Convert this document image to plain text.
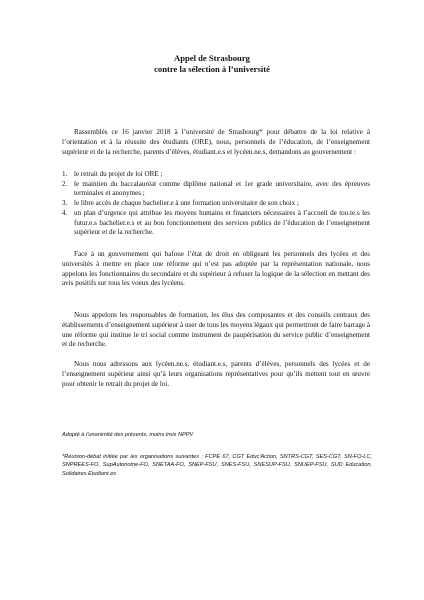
Appel de Strasbourg
contre la sélection à l’université

Rassemblés ce 16 janvier 2018 à l’université de Strasbourg* pour débattre de la loi relative à l’orientation et à la réussite des étudiants (ORE), nous, personnels de l’éducation, de l’enseignement supérieur et de la recherche, parents d’élèves, étudiant.e.s et lycéen.ne.s, demandons au gouvernement :

1. le retrait du projet de loi ORE ;
2. le maintien du baccalauréat comme diplôme national et 1er grade universitaire, avec des épreuves terminales et anonymes ;
3. le libre accès de chaque bachelier.e à une formation universitaire de son choix ;
4. un plan d’urgence qui attribue les moyens humains et financiers nécessaires à l’accueil de tou.te.s les futur.e.s bachelier.e.s et au bon fonctionnement des services publics de l’éducation de l’enseignement supérieur et de la recherche.

Face à un gouvernement qui bafoue l’état de droit en obligeant les personnels des lycées et des universités à mettre en place une réforme qui n’est pas adoptée par la représentation nationale, nous appelons les fonctionnaires du secondaire et du supérieur à refuser la logique de la sélection en mettant des avis positifs sur tous les voeux des lycéens.

Nous appelons les responsables de formation, les élus des composantes et des conseils centraux des établissements d’enseignement supérieur à user de tous les moyens légaux qui permettront de faire barrage à une réforme qui institue le tri social comme instrument de paupérisation du service public d’enseignement et de recherche.

Nous nous adressons aux lycéen.ne.s, étudiant.e.s, parents d’élèves, personnels des lycées et de l’enseignement supérieur ainsi qu’à leurs organisations représentatives pour qu’ils mettent tout en œuvre pour obtenir le retrait du projet de loi.

Adopté à l’unanimité des présents, moins trois NPPV

*Réunion-débat initiée par les organisations suivantes : FCPE 67, CGT Educ’Action, SNTRS-CGT, SES-CGT, SN-FO-LC, SNPREES-FO, SupAutonome-FO, SNETAA-FO, SNEP-FSU, SNES-FSU, SNESUP-FSU, SNUEP-FSU, SUD Education, Solidaires Etudiant.es
